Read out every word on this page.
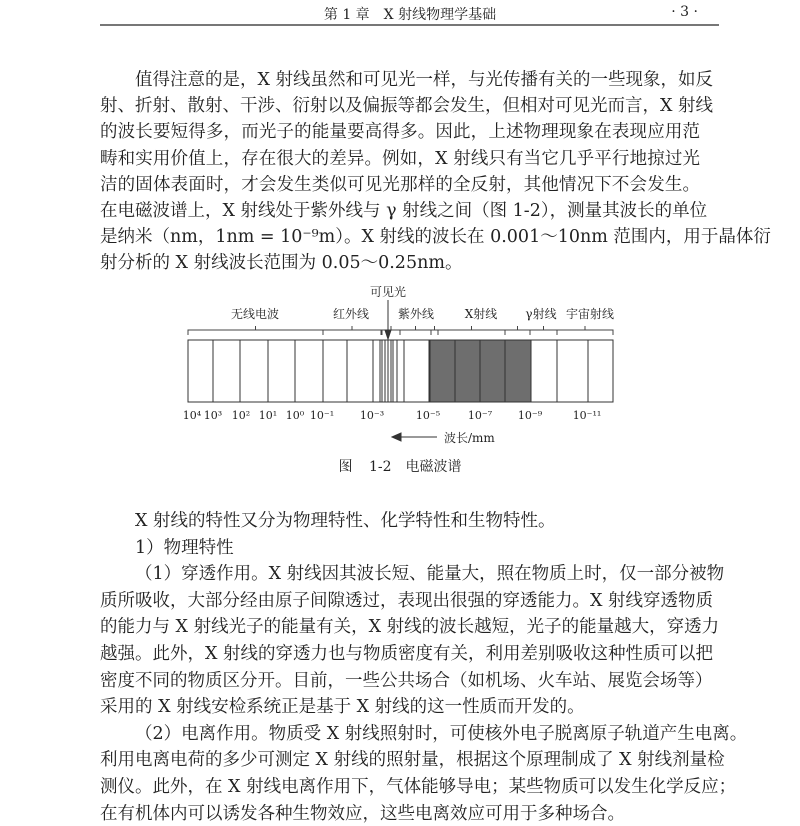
第 1 章　X 射线物理学基础	· 3 ·
值得注意的是，X 射线虽然和可见光一样，与光传播有关的一些现象，如反
射、折射、散射、干涉、衍射以及偏振等都会发生，但相对可见光而言，X 射线
的波长要短得多，而光子的能量要高得多。因此，上述物理现象在表现应用范
畴和实用价值上，存在很大的差异。例如，X 射线只有当它几乎平行地掠过光
洁的固体表面时，才会发生类似可见光那样的全反射，其他情况下不会发生。
在电磁波谱上，X 射线处于紫外线与 γ 射线之间（图 1-2），测量其波长的单位
是纳米（nm，1nm = 10⁻⁹m）。X 射线的波长在 0.001～10nm 范围内，用于晶体衍
射分析的 X 射线波长范围为 0.05～0.25nm。
无线电波	红外线
可见光
紫外线	X射线 γ射线 宇宙射线
10⁴ 10³ 10² 10¹ 10⁰ 10⁻¹ 10⁻³	10⁻⁵	10⁻⁷ 10⁻⁹	10⁻¹¹
波长/mm
图 1-2　电磁波谱
X 射线的特性又分为物理特性、化学特性和生物特性。
1）物理特性
（1）穿透作用。X 射线因其波长短、能量大，照在物质上时，仅一部分被物
质所吸收，大部分经由原子间隙透过，表现出很强的穿透能力。X 射线穿透物质
的能力与 X 射线光子的能量有关，X 射线的波长越短，光子的能量越大，穿透力
越强。此外，X 射线的穿透力也与物质密度有关，利用差别吸收这种性质可以把
密度不同的物质区分开。目前，一些公共场合（如机场、火车站、展览会场等）
采用的 X 射线安检系统正是基于 X 射线的这一性质而开发的。
（2）电离作用。物质受 X 射线照射时，可使核外电子脱离原子轨道产生电离。
利用电离电荷的多少可测定 X 射线的照射量，根据这个原理制成了 X 射线剂量检
测仪。此外，在 X 射线电离作用下，气体能够导电；某些物质可以发生化学反应；
在有机体内可以诱发各种生物效应，这些电离效应可用于多种场合。
